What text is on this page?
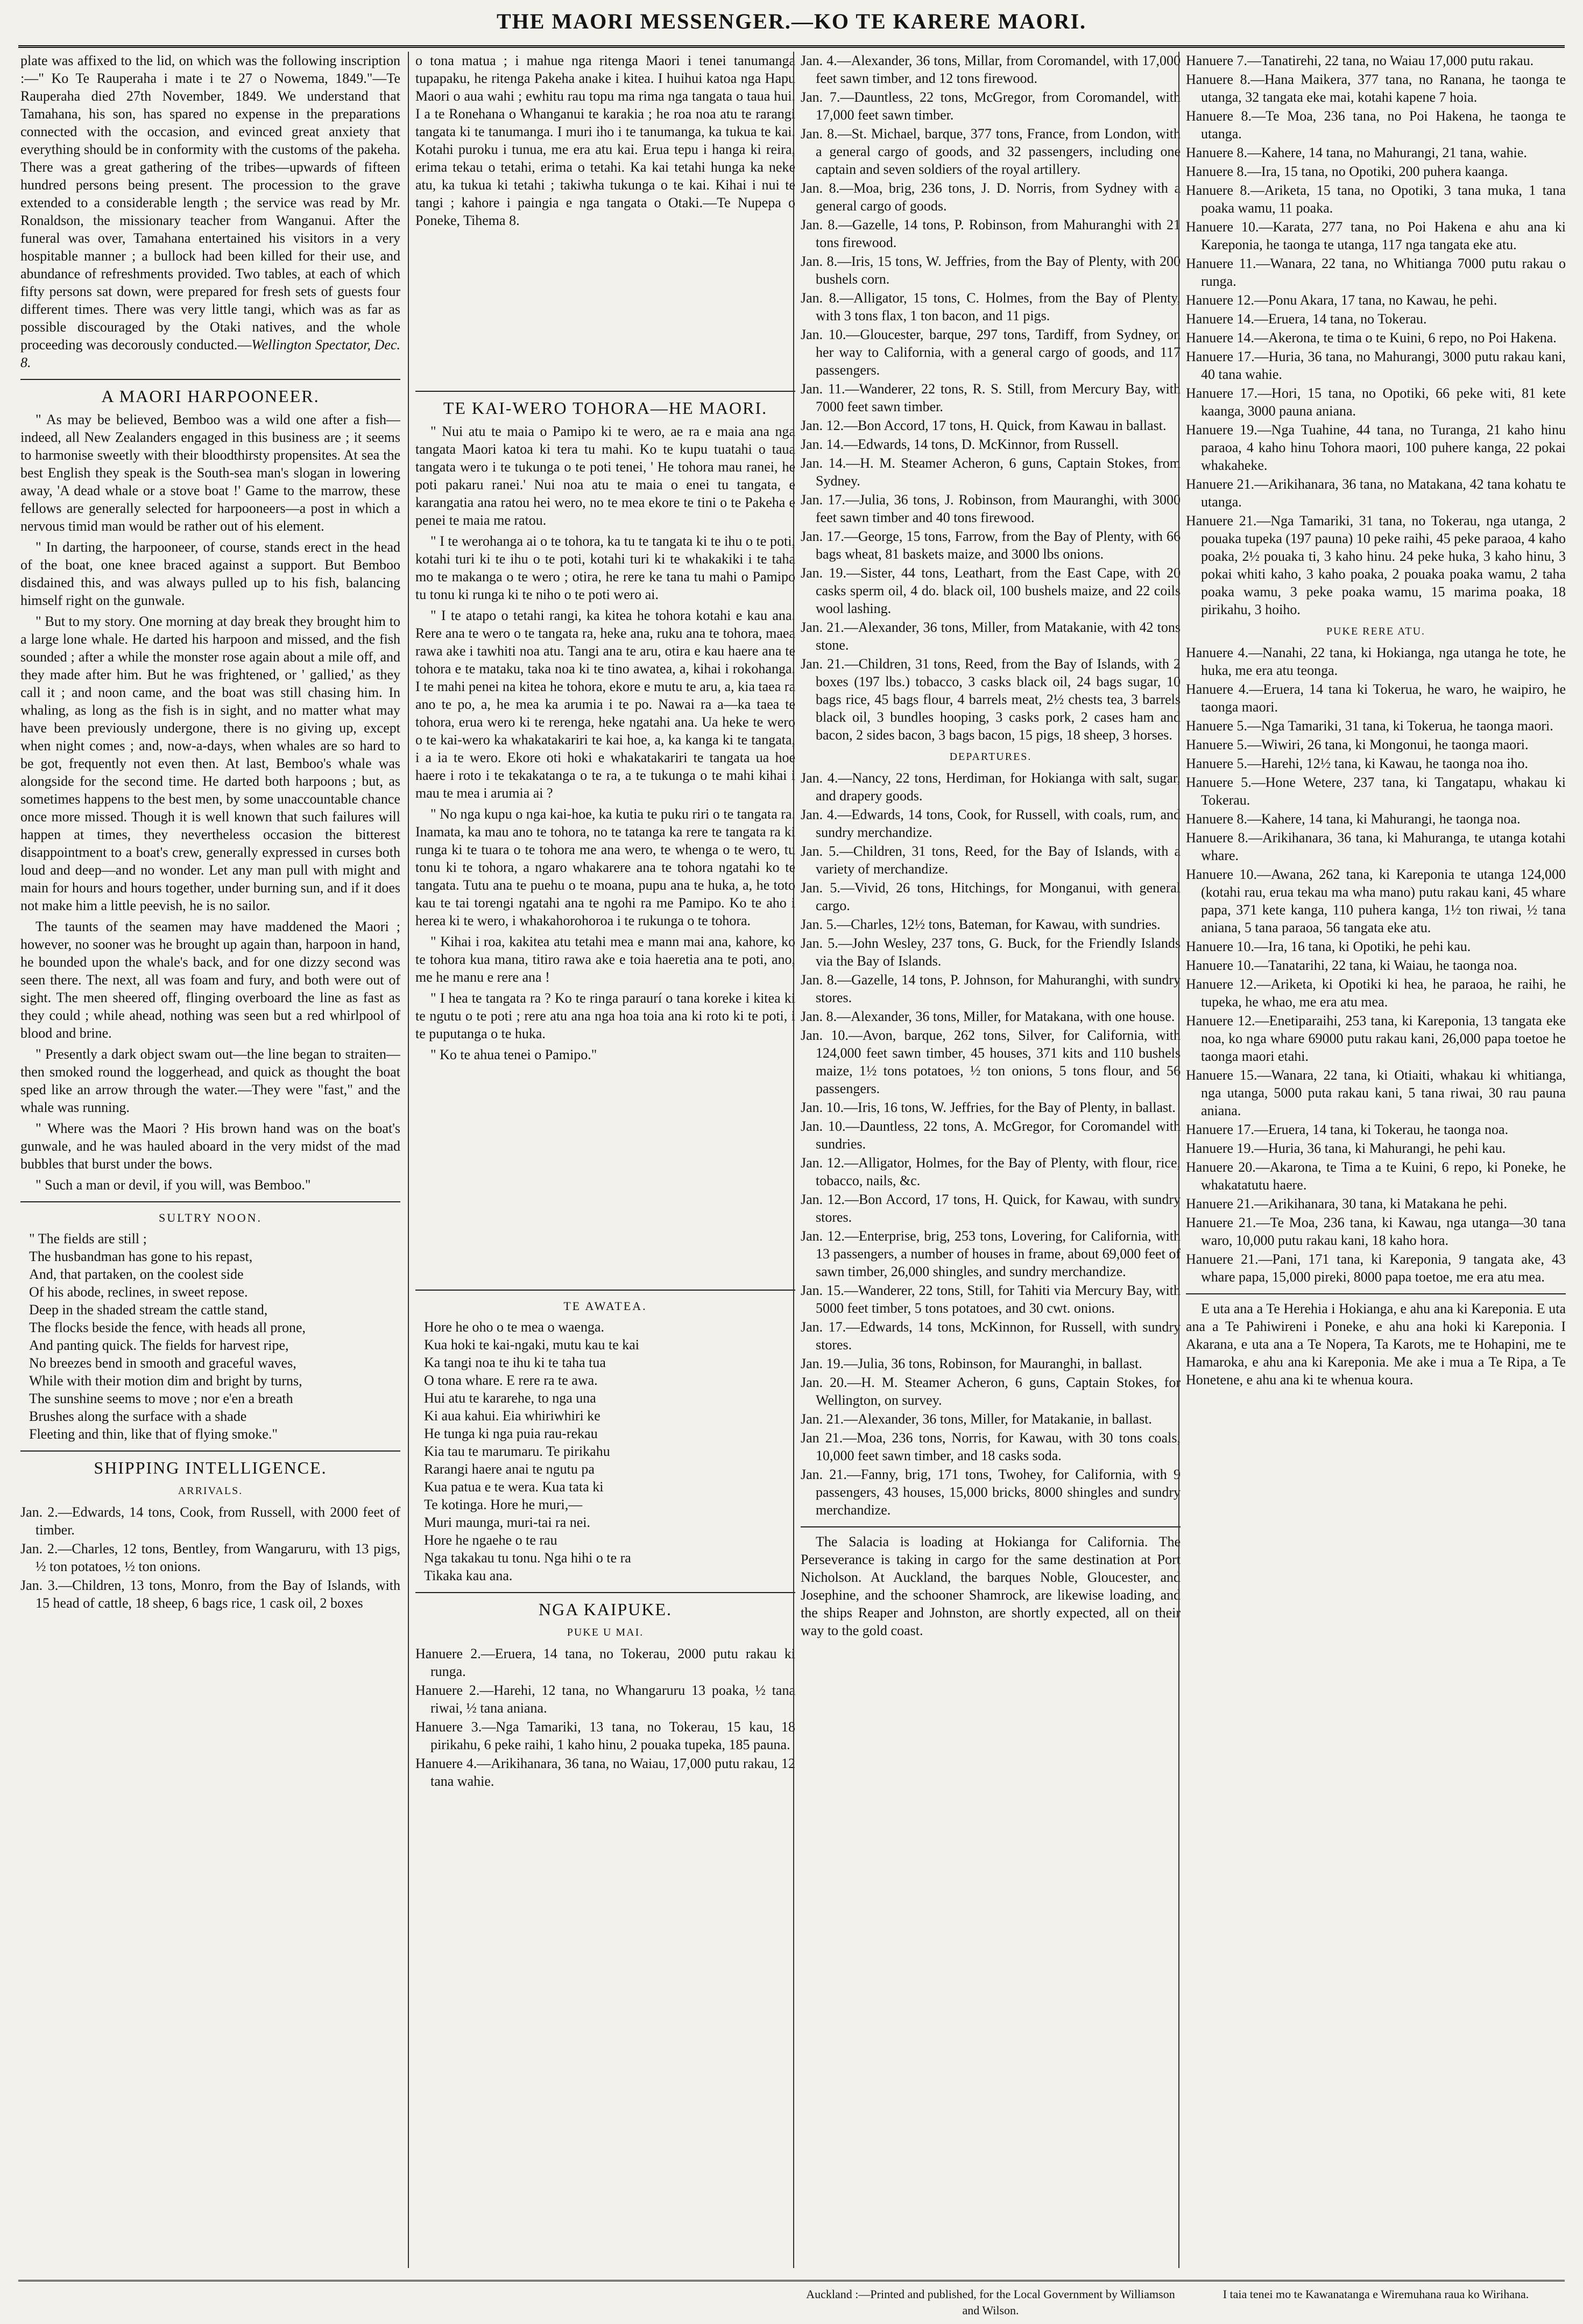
THE MAORI MESSENGER.—KO TE KARERE MAORI.

plate was affixed to the lid, on which was the following inscription :—" Ko Te Rauperaha i mate i te 27 o Nowema, 1849."—Te Rauperaha died 27th November, 1849. We understand that Tamahana, his son, has spared no expense in the preparations connected with the occasion, and evinced great anxiety that everything should be in conformity with the customs of the pakeha. There was a great gathering of the tribes—upwards of fifteen hundred persons being present. The procession to the grave extended to a considerable length ; the service was read by Mr. Ronaldson, the missionary teacher from Wanganui. After the funeral was over, Tamahana entertained his visitors in a very hospitable manner ; a bullock had been killed for their use, and abundance of refreshments provided. Two tables, at each of which fifty persons sat down, were prepared for fresh sets of guests four different times. There was very little tangi, which was as far as possible discouraged by the Otaki natives, and the whole proceeding was decorously conducted.—Wellington Spectator, Dec. 8.

A MAORI HARPOONEER.

" As may be believed, Bemboo was a wild one after a fish—indeed, all New Zealanders engaged in this business are ; it seems to harmonise sweetly with their bloodthirsty propensites. At sea the best English they speak is the South-sea man's slogan in lowering away, 'A dead whale or a stove boat !' Game to the marrow, these fellows are generally selected for harpooneers—a post in which a nervous timid man would be rather out of his element.

" In darting, the harpooneer, of course, stands erect in the head of the boat, one knee braced against a support. But Bemboo disdained this, and was always pulled up to his fish, balancing himself right on the gunwale.

" But to my story. One morning at day break they brought him to a large lone whale. He darted his harpoon and missed, and the fish sounded ; after a while the monster rose again about a mile off, and they made after him. But he was frightened, or ' gallied,' as they call it ; and noon came, and the boat was still chasing him. In whaling, as long as the fish is in sight, and no matter what may have been previously undergone, there is no giving up, except when night comes ; and, now-a-days, when whales are so hard to be got, frequently not even then. At last, Bemboo's whale was alongside for the second time. He darted both harpoons ; but, as sometimes happens to the best men, by some unaccountable chance once more missed. Though it is well known that such failures will happen at times, they nevertheless occasion the bitterest disappointment to a boat's crew, generally expressed in curses both loud and deep—and no wonder. Let any man pull with might and main for hours and hours together, under burning sun, and if it does not make him a little peevish, he is no sailor.

The taunts of the seamen may have maddened the Maori ; however, no sooner was he brought up again than, harpoon in hand, he bounded upon the whale's back, and for one dizzy second was seen there. The next, all was foam and fury, and both were out of sight. The men sheered off, flinging overboard the line as fast as they could ; while ahead, nothing was seen but a red whirlpool of blood and brine.

" Presently a dark object swam out—the line began to straiten—then smoked round the loggerhead, and quick as thought the boat sped like an arrow through the water.—They were "fast," and the whale was running.

" Where was the Maori ? His brown hand was on the boat's gunwale, and he was hauled aboard in the very midst of the mad bubbles that burst under the bows.

" Such a man or devil, if you will, was Bemboo."

SULTRY NOON.
" The fields are still ;
The husbandman has gone to his repast,
And, that partaken, on the coolest side
Of his abode, reclines, in sweet repose.
Deep in the shaded stream the cattle stand,
The flocks beside the fence, with heads all prone,
And panting quick. The fields for harvest ripe,
No breezes bend in smooth and graceful waves,
While with their motion dim and bright by turns,
The sunshine seems to move ; nor e'en a breath
Brushes along the surface with a shade
Fleeting and thin, like that of flying smoke."
SHIPPING INTELLIGENCE.
ARRIVALS.
Jan. 2.—Edwards, 14 tons, Cook, from Russell, with 2000 feet of timber.
Jan. 2.—Charles, 12 tons, Bentley, from Wangaruru, with 13 pigs, ½ ton potatoes, ½ ton onions.
Jan. 3.—Children, 13 tons, Monro, from the Bay of Islands, with 15 head of cattle, 18 sheep, 6 bags rice, 1 cask oil, 2 boxes

o tona matua ; i mahue nga ritenga Maori i tenei tanumanga tupapaku, he ritenga Pakeha anake i kitea. I huihui katoa nga Hapu Maori o aua wahi ; ewhitu rau topu ma rima nga tangata o taua hui. I a te Ronehana o Whanganui te karakia ; he roa noa atu te rarangi tangata ki te tanumanga. I muri iho i te tanumanga, ka tukua te kai. Kotahi puroku i tunua, me era atu kai. Erua tepu i hanga ki reira, erima tekau o tetahi, erima o tetahi. Ka kai tetahi hunga ka neke atu, ka tukua ki tetahi ; takiwha tukunga o te kai. Kihai i nui te tangi ; kahore i paingia e nga tangata o Otaki.—Te Nupepa o Poneke, Tihema 8.

TE KAI-WERO TOHORA—HE MAORI.

" Nui atu te maia o Pamipo ki te wero, ae ra e maia ana nga tangata Maori katoa ki tera tu mahi. Ko te kupu tuatahi o taua tangata wero i te tukunga o te poti tenei, ' He tohora mau ranei, he poti pakaru ranei.' Nui noa atu te maia o enei tu tangata, e karangatia ana ratou hei wero, no te mea ekore te tini o te Pakeha e penei te maia me ratou.

" I te werohanga ai o te tohora, ka tu te tangata ki te ihu o te poti, kotahi turi ki te ihu o te poti, kotahi turi ki te whakakiki i te taha mo te makanga o te wero ; otira, he rere ke tana tu mahi o Pamipo tu tonu ki runga ki te niho o te poti wero ai.

" I te atapo o tetahi rangi, ka kitea he tohora kotahi e kau ana. Rere ana te wero o te tangata ra, heke ana, ruku ana te tohora, maea rawa ake i tawhiti noa atu. Tangi ana te aru, otira e kau haere ana te tohora e te mataku, taka noa ki te tino awatea, a, kihai i rokohanga. I te mahi penei na kitea he tohora, ekore e mutu te aru, a, kia taea ra ano te po, a, he mea ka arumia i te po. Nawai ra a—ka taea te tohora, erua wero ki te rerenga, heke ngatahi ana. Ua heke te wero o te kai-wero ka whakatakariri te kai hoe, a, ka kanga ki te tangata, i a ia te wero. Ekore oti hoki e whakatakariri te tangata ua hoe haere i roto i te tekakatanga o te ra, a te tukunga o te mahi kihai i mau te mea i arumia ai ?

" No nga kupu o nga kai-hoe, ka kutia te puku riri o te tangata ra. Inamata, ka mau ano te tohora, no te tatanga ka rere te tangata ra ki runga ki te tuara o te tohora me ana wero, te whenga o te wero, tu tonu ki te tohora, a ngaro whakarere ana te tohora ngatahi ko te tangata. Tutu ana te puehu o te moana, pupu ana te huka, a, he toto kau te tai torengi ngatahi ana te ngohi ra me Pamipo. Ko te aho i herea ki te wero, i whakahorohoroa i te rukunga o te tohora.

" Kihai i roa, kakitea atu tetahi mea e mann mai ana, kahore, ko te tohora kua mana, titiro rawa ake e toia haeretia ana te poti, ano, me he manu e rere ana !

" I hea te tangata ra ? Ko te ringa paraurí o tana koreke i kitea ki te ngutu o te poti ; rere atu ana nga hoa toia ana ki roto ki te poti, i te puputanga o te huka.

" Ko te ahua tenei o Pamipo."

TE AWATEA.
Hore he oho o te mea o waenga.
Kua hoki te kai-ngaki, mutu kau te kai
Ka tangi noa te ihu ki te taha tua
O tona whare. E rere ra te awa.
Hui atu te kararehe, to nga una
Ki aua kahui. Eia whiriwhiri ke
He tunga ki nga puia rau-rekau
Kia tau te marumaru. Te pirikahu
Rarangi haere anai te ngutu pa
Kua patua e te wera. Kua tata ki
Te kotinga. Hore he muri,—
Muri maunga, muri-tai ra nei.
Hore he ngaehe o te rau
Nga takakau tu tonu. Nga hihi o te ra
Tikaka kau ana.
NGA KAIPUKE.
PUKE U MAI.
Hanuere 2.—Eruera, 14 tana, no Tokerau, 2000 putu rakau ki runga.
Hanuere 2.—Harehi, 12 tana, no Whangaruru 13 poaka, ½ tana riwai, ½ tana aniana.
Hanuere 3.—Nga Tamariki, 13 tana, no Tokerau, 15 kau, 18 pirikahu, 6 peke raihi, 1 kaho hinu, 2 pouaka tupeka, 185 pauna.
Hanuere 4.—Arikihanara, 36 tana, no Waiau, 17,000 putu rakau, 12 tana wahie.
Jan. 4.—Alexander, 36 tons, Millar, from Coromandel, with 17,000 feet sawn timber, and 12 tons firewood.
Jan. 7.—Dauntless, 22 tons, McGregor, from Coromandel, with 17,000 feet sawn timber.
Jan. 8.—St. Michael, barque, 377 tons, France, from London, with a general cargo of goods, and 32 passengers, including one captain and seven soldiers of the royal artillery.
Jan. 8.—Moa, brig, 236 tons, J. D. Norris, from Sydney with a general cargo of goods.
Jan. 8.—Gazelle, 14 tons, P. Robinson, from Mahuranghi with 21 tons firewood.
Jan. 8.—Iris, 15 tons, W. Jeffries, from the Bay of Plenty, with 200 bushels corn.
Jan. 8.—Alligator, 15 tons, C. Holmes, from the Bay of Plenty, with 3 tons flax, 1 ton bacon, and 11 pigs.
Jan. 10.—Gloucester, barque, 297 tons, Tardiff, from Sydney, on her way to California, with a general cargo of goods, and 117 passengers.
Jan. 11.—Wanderer, 22 tons, R. S. Still, from Mercury Bay, with 7000 feet sawn timber.
Jan. 12.—Bon Accord, 17 tons, H. Quick, from Kawau in ballast.
Jan. 14.—Edwards, 14 tons, D. McKinnor, from Russell.
Jan. 14.—H. M. Steamer Acheron, 6 guns, Captain Stokes, from Sydney.
Jan. 17.—Julia, 36 tons, J. Robinson, from Mauranghi, with 3000 feet sawn timber and 40 tons firewood.
Jan. 17.—George, 15 tons, Farrow, from the Bay of Plenty, with 66 bags wheat, 81 baskets maize, and 3000 lbs onions.
Jan. 19.—Sister, 44 tons, Leathart, from the East Cape, with 20 casks sperm oil, 4 do. black oil, 100 bushels maize, and 22 coils wool lashing.
Jan. 21.—Alexander, 36 tons, Miller, from Matakanie, with 42 tons stone.
Jan. 21.—Children, 31 tons, Reed, from the Bay of Islands, with 2 boxes (197 lbs.) tobacco, 3 casks black oil, 24 bags sugar, 10 bags rice, 45 bags flour, 4 barrels meat, 2½ chests tea, 3 barrels black oil, 3 bundles hooping, 3 casks pork, 2 cases ham and bacon, 2 sides bacon, 3 bags bacon, 15 pigs, 18 sheep, 3 horses.
DEPARTURES.
Jan. 4.—Nancy, 22 tons, Herdiman, for Hokianga with salt, sugar, and drapery goods.
Jan. 4.—Edwards, 14 tons, Cook, for Russell, with coals, rum, and sundry merchandize.
Jan. 5.—Children, 31 tons, Reed, for the Bay of Islands, with a variety of merchandize.
Jan. 5.—Vivid, 26 tons, Hitchings, for Monganui, with general cargo.
Jan. 5.—Charles, 12½ tons, Bateman, for Kawau, with sundries.
Jan. 5.—John Wesley, 237 tons, G. Buck, for the Friendly Islands via the Bay of Islands.
Jan. 8.—Gazelle, 14 tons, P. Johnson, for Mahuranghi, with sundry stores.
Jan. 8.—Alexander, 36 tons, Miller, for Matakana, with one house.
Jan. 10.—Avon, barque, 262 tons, Silver, for California, with 124,000 feet sawn timber, 45 houses, 371 kits and 110 bushels maize, 1½ tons potatoes, ½ ton onions, 5 tons flour, and 56 passengers.
Jan. 10.—Iris, 16 tons, W. Jeffries, for the Bay of Plenty, in ballast.
Jan. 10.—Dauntless, 22 tons, A. McGregor, for Coromandel with sundries.
Jan. 12.—Alligator, Holmes, for the Bay of Plenty, with flour, rice, tobacco, nails, &c.
Jan. 12.—Bon Accord, 17 tons, H. Quick, for Kawau, with sundry stores.
Jan. 12.—Enterprise, brig, 253 tons, Lovering, for California, with 13 passengers, a number of houses in frame, about 69,000 feet of sawn timber, 26,000 shingles, and sundry merchandize.
Jan. 15.—Wanderer, 22 tons, Still, for Tahiti via Mercury Bay, with 5000 feet timber, 5 tons potatoes, and 30 cwt. onions.
Jan. 17.—Edwards, 14 tons, McKinnon, for Russell, with sundry stores.
Jan. 19.—Julia, 36 tons, Robinson, for Mauranghi, in ballast.
Jan. 20.—H. M. Steamer Acheron, 6 guns, Captain Stokes, for Wellington, on survey.
Jan. 21.—Alexander, 36 tons, Miller, for Matakanie, in ballast.
Jan 21.—Moa, 236 tons, Norris, for Kawau, with 30 tons coals, 10,000 feet sawn timber, and 18 casks soda.
Jan. 21.—Fanny, brig, 171 tons, Twohey, for California, with 9 passengers, 43 houses, 15,000 bricks, 8000 shingles and sundry merchandize.

The Salacia is loading at Hokianga for California. The Perseverance is taking in cargo for the same destination at Port Nicholson. At Auckland, the barques Noble, Gloucester, and Josephine, and the schooner Shamrock, are likewise loading, and the ships Reaper and Johnston, are shortly expected, all on their way to the gold coast.

Hanuere 7.—Tanatirehi, 22 tana, no Waiau 17,000 putu rakau.
Hanuere 8.—Hana Maikera, 377 tana, no Ranana, he taonga te utanga, 32 tangata eke mai, kotahi kapene 7 hoia.
Hanuere 8.—Te Moa, 236 tana, no Poi Hakena, he taonga te utanga.
Hanuere 8.—Kahere, 14 tana, no Mahurangi, 21 tana, wahie.
Hanuere 8.—Ira, 15 tana, no Opotiki, 200 puhera kaanga.
Hanuere 8.—Ariketa, 15 tana, no Opotiki, 3 tana muka, 1 tana poaka wamu, 11 poaka.
Hanuere 10.—Karata, 277 tana, no Poi Hakena e ahu ana ki Kareponia, he taonga te utanga, 117 nga tangata eke atu.
Hanuere 11.—Wanara, 22 tana, no Whitianga 7000 putu rakau o runga.
Hanuere 12.—Ponu Akara, 17 tana, no Kawau, he pehi.
Hanuere 14.—Eruera, 14 tana, no Tokerau.
Hanuere 14.—Akerona, te tima o te Kuini, 6 repo, no Poi Hakena.
Hanuere 17.—Huria, 36 tana, no Mahurangi, 3000 putu rakau kani, 40 tana wahie.
Hanuere 17.—Hori, 15 tana, no Opotiki, 66 peke witi, 81 kete kaanga, 3000 pauna aniana.
Hanuere 19.—Nga Tuahine, 44 tana, no Turanga, 21 kaho hinu paraoa, 4 kaho hinu Tohora maori, 100 puhere kanga, 22 pokai whakaheke.
Hanuere 21.—Arikihanara, 36 tana, no Matakana, 42 tana kohatu te utanga.
Hanuere 21.—Nga Tamariki, 31 tana, no Tokerau, nga utanga, 2 pouaka tupeka (197 pauna) 10 peke raihi, 45 peke paraoa, 4 kaho poaka, 2½ pouaka ti, 3 kaho hinu. 24 peke huka, 3 kaho hinu, 3 pokai whiti kaho, 3 kaho poaka, 2 pouaka poaka wamu, 2 taha poaka wamu, 3 peke poaka wamu, 15 marima poaka, 18 pirikahu, 3 hoiho.
PUKE RERE ATU.
Hanuere 4.—Nanahi, 22 tana, ki Hokianga, nga utanga he tote, he huka, me era atu teonga.
Hanuere 4.—Eruera, 14 tana ki Tokerua, he waro, he waipiro, he taonga maori.
Hanuere 5.—Nga Tamariki, 31 tana, ki Tokerua, he taonga maori.
Hanuere 5.—Wiwiri, 26 tana, ki Mongonui, he taonga maori.
Hanuere 5.—Harehi, 12½ tana, ki Kawau, he taonga noa iho.
Hanuere 5.—Hone Wetere, 237 tana, ki Tangatapu, whakau ki Tokerau.
Hanuere 8.—Kahere, 14 tana, ki Mahurangi, he taonga noa.
Hanuere 8.—Arikihanara, 36 tana, ki Mahuranga, te utanga kotahi whare.
Hanuere 10.—Awana, 262 tana, ki Kareponia te utanga 124,000 (kotahi rau, erua tekau ma wha mano) putu rakau kani, 45 whare papa, 371 kete kanga, 110 puhera kanga, 1½ ton riwai, ½ tana aniana, 5 tana paraoa, 56 tangata eke atu.
Hanuere 10.—Ira, 16 tana, ki Opotiki, he pehi kau.
Hanuere 10.—Tanatarihi, 22 tana, ki Waiau, he taonga noa.
Hanuere 12.—Ariketa, ki Opotiki ki hea, he paraoa, he raihi, he tupeka, he whao, me era atu mea.
Hanuere 12.—Enetiparaihi, 253 tana, ki Kareponia, 13 tangata eke noa, ko nga whare 69000 putu rakau kani, 26,000 papa toetoe he taonga maori etahi.
Hanuere 15.—Wanara, 22 tana, ki Otiaiti, whakau ki whitianga, nga utanga, 5000 puta rakau kani, 5 tana riwai, 30 rau pauna aniana.
Hanuere 17.—Eruera, 14 tana, ki Tokerau, he taonga noa.
Hanuere 19.—Huria, 36 tana, ki Mahurangi, he pehi kau.
Hanuere 20.—Akarona, te Tima a te Kuini, 6 repo, ki Poneke, he whakatatutu haere.
Hanuere 21.—Arikihanara, 30 tana, ki Matakana he pehi.
Hanuere 21.—Te Moa, 236 tana, ki Kawau, nga utanga—30 tana waro, 10,000 putu rakau kani, 18 kaho hora.
Hanuere 21.—Pani, 171 tana, ki Kareponia, 9 tangata ake, 43 whare papa, 15,000 pireki, 8000 papa toetoe, me era atu mea.

E uta ana a Te Herehia i Hokianga, e ahu ana ki Kareponia. E uta ana a Te Pahiwireni i Poneke, e ahu ana hoki ki Kareponia. I Akarana, e uta ana a Te Nopera, Ta Karots, me te Hohapini, me te Hamaroka, e ahu ana ki Kareponia. Me ake i mua a Te Ripa, a Te Honetene, e ahu ana ki te whenua koura.

Auckland :—Printed and published, for the Local Government by Williamson and Wilson.
I taia tenei mo te Kawanatanga e Wiremuhana raua ko Wirihana.
